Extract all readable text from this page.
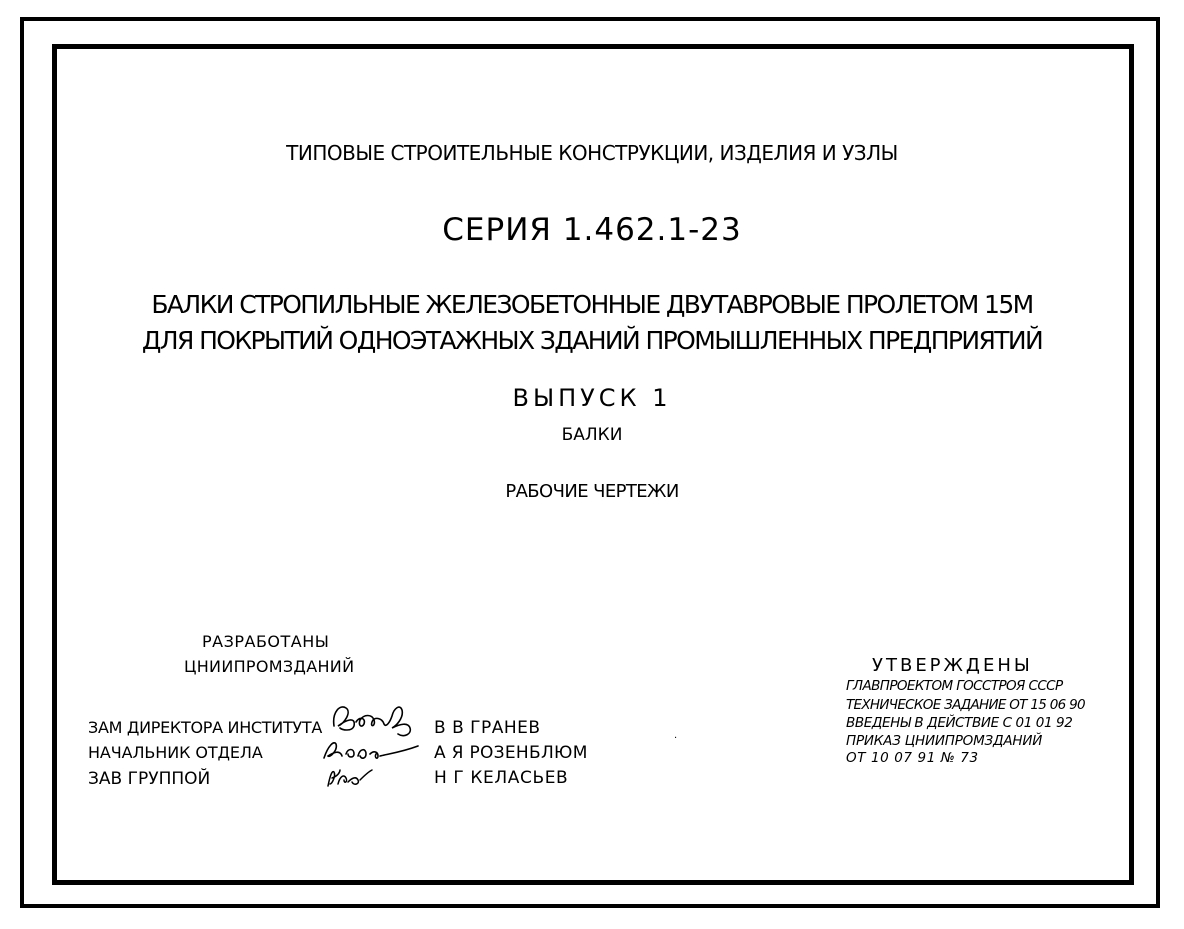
ТИПОВЫЕ СТРОИТЕЛЬНЫЕ КОНСТРУКЦИИ, ИЗДЕЛИЯ И УЗЛЫ
СЕРИЯ 1.462.1-23
БАЛКИ СТРОПИЛЬНЫЕ ЖЕЛЕЗОБЕТОННЫЕ ДВУТАВРОВЫЕ ПРОЛЕТОМ 15М
ДЛЯ ПОКРЫТИЙ ОДНОЭТАЖНЫХ ЗДАНИЙ ПРОМЫШЛЕННЫХ ПРЕДПРИЯТИЙ
ВЫПУСК 1
БАЛКИ
РАБОЧИЕ ЧЕРТЕЖИ
РАЗРАБОТАНЫ
ЦНИИПРОМЗДАНИЙ
ЗАМ ДИРЕКТОРА ИНСТИТУТА
НАЧАЛЬНИК ОТДЕЛА
ЗАВ ГРУППОЙ
В В ГРАНЕВ
А Я РОЗЕНБЛЮМ
Н Г КЕЛАСЬЕВ
.
УТВЕРЖДЕНЫ
ГЛАВПРОЕКТОМ ГОССТРОЯ СССР
ТЕХНИЧЕСКОЕ ЗАДАНИЕ ОТ 15 06 90
ВВЕДЕНЫ В ДЕЙСТВИЕ С 01 01 92
ПРИКАЗ ЦНИИПРОМЗДАНИЙ
ОТ 10 07 91 № 73
